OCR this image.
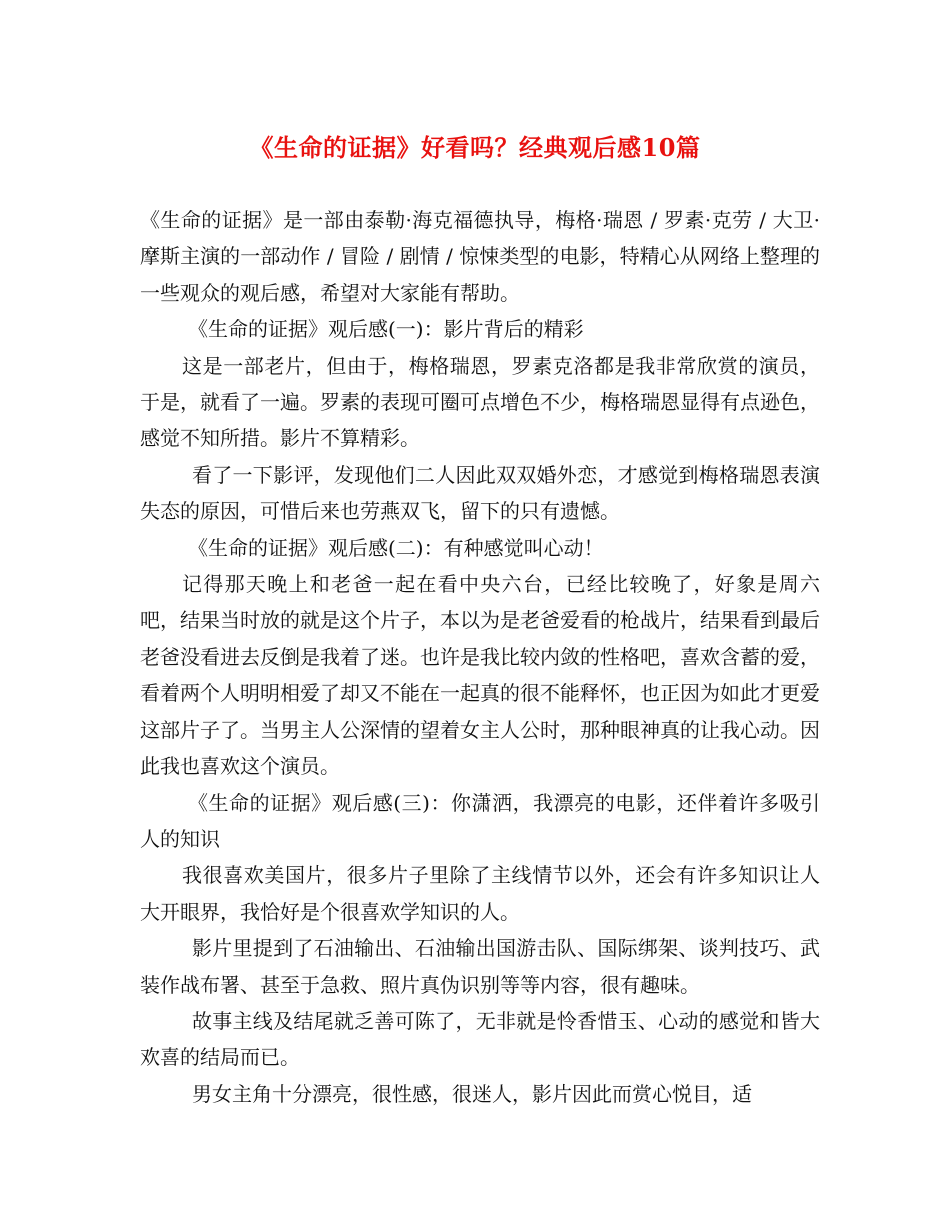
《生命的证据》好看吗？经典观后感10篇

《生命的证据》是一部由泰勒·海克福德执导，梅格·瑞恩 / 罗素·克劳 / 大卫·摩斯主演的一部动作 / 冒险 / 剧情 / 惊悚类型的电影，特精心从网络上整理的一些观众的观后感，希望对大家能有帮助。

《生命的证据》观后感(一)：影片背后的精彩

这是一部老片，但由于，梅格瑞恩，罗素克洛都是我非常欣赏的演员，于是，就看了一遍。罗素的表现可圈可点增色不少，梅格瑞恩显得有点逊色，感觉不知所措。影片不算精彩。

看了一下影评，发现他们二人因此双双婚外恋，才感觉到梅格瑞恩表演失态的原因，可惜后来也劳燕双飞，留下的只有遗憾。

《生命的证据》观后感(二)：有种感觉叫心动！

记得那天晚上和老爸一起在看中央六台，已经比较晚了，好象是周六吧，结果当时放的就是这个片子，本以为是老爸爱看的枪战片，结果看到最后老爸没看进去反倒是我着了迷。也许是我比较内敛的性格吧，喜欢含蓄的爱，看着两个人明明相爱了却又不能在一起真的很不能释怀，也正因为如此才更爱这部片子了。当男主人公深情的望着女主人公时，那种眼神真的让我心动。因此我也喜欢这个演员。

《生命的证据》观后感(三)：你潇洒，我漂亮的电影，还伴着许多吸引人的知识

我很喜欢美国片，很多片子里除了主线情节以外，还会有许多知识让人大开眼界，我恰好是个很喜欢学知识的人。

影片里提到了石油输出、石油输出国游击队、国际绑架、谈判技巧、武装作战布署、甚至于急救、照片真伪识别等等内容，很有趣味。

故事主线及结尾就乏善可陈了，无非就是怜香惜玉、心动的感觉和皆大欢喜的结局而已。

男女主角十分漂亮，很性感，很迷人，影片因此而赏心悦目，适
